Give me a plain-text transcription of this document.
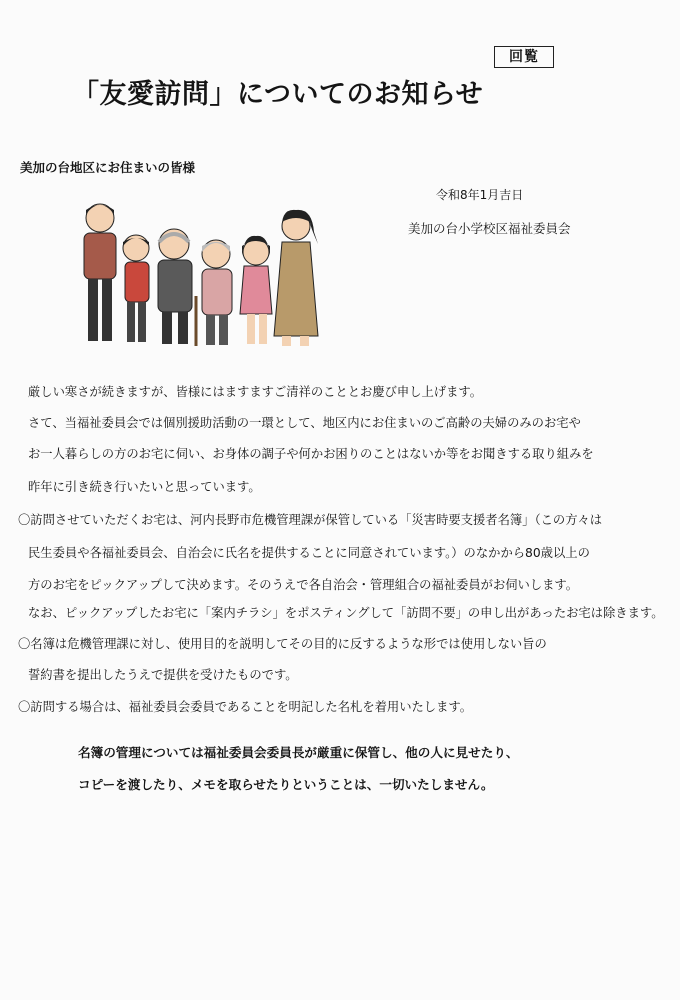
回覧
「友愛訪問」についてのお知らせ
美加の台地区にお住まいの皆様
令和8年1月吉日
美加の台小学校区福祉委員会
厳しい寒さが続きますが、皆様にはますますご清祥のこととお慶び申し上げます。
さて、当福祉委員会では個別援助活動の一環として、地区内にお住まいのご高齢の夫婦のみのお宅や
お一人暮らしの方のお宅に伺い、お身体の調子や何かお困りのことはないか等をお聞きする取り組みを
昨年に引き続き行いたいと思っています。
〇訪問させていただくお宅は、河内長野市危機管理課が保管している「災害時要支援者名簿」（この方々は
民生委員や各福祉委員会、自治会に氏名を提供することに同意されています。）のなかから80歳以上の
方のお宅をピックアップして決めます。そのうえで各自治会・管理組合の福祉委員がお伺いします。
なお、ピックアップしたお宅に「案内チラシ」をポスティングして「訪問不要」の申し出があったお宅は除きます。
〇名簿は危機管理課に対し、使用目的を説明してその目的に反するような形では使用しない旨の
誓約書を提出したうえで提供を受けたものです。
〇訪問する場合は、福祉委員会委員であることを明記した名札を着用いたします。
名簿の管理については福祉委員会委員長が厳重に保管し、他の人に見せたり、
コピーを渡したり、メモを取らせたりということは、一切いたしません。
